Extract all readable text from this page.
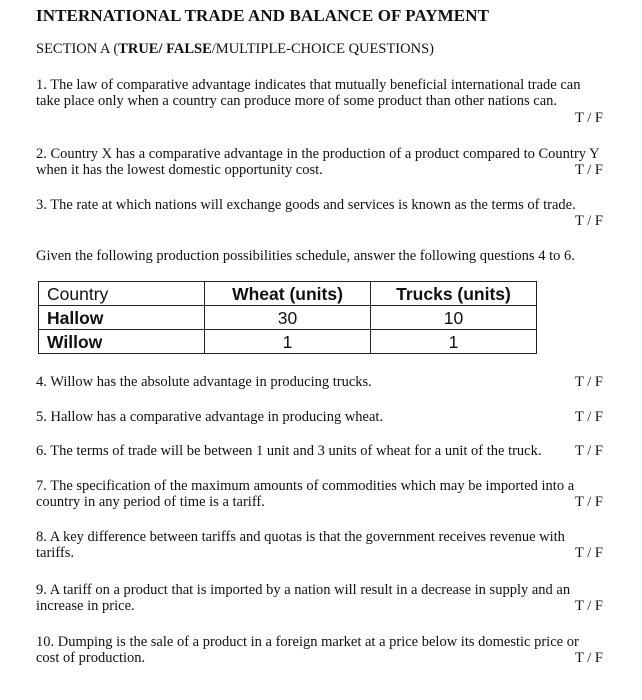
INTERNATIONAL TRADE AND BALANCE OF PAYMENT
SECTION A (TRUE/ FALSE/MULTIPLE-CHOICE QUESTIONS)
1. The law of comparative advantage indicates that mutually beneficial international trade can
take place only when a country can produce more of some product than other nations can.
T / F
2. Country X has a comparative advantage in the production of a product compared to Country Y
when it has the lowest domestic opportunity cost.	T / F
3. The rate at which nations will exchange goods and services is known as the terms of trade.
T / F
Given the following production possibilities schedule, answer the following questions 4 to 6.
Country	Wheat (units)	Trucks (units)
Hallow	30	10
Willow	1	1
4. Willow has the absolute advantage in producing trucks.	T / F
5. Hallow has a comparative advantage in producing wheat.	T / F
6. The terms of trade will be between 1 unit and 3 units of wheat for a unit of the truck. T / F
7. The specification of the maximum amounts of commodities which may be imported into a
country in any period of time is a tariff.	T / F
8. A key difference between tariffs and quotas is that the government receives revenue with
tariffs.	T / F
9. A tariff on a product that is imported by a nation will result in a decrease in supply and an
increase in price.	T / F
10. Dumping is the sale of a product in a foreign market at a price below its domestic price or
cost of production.	T / F
